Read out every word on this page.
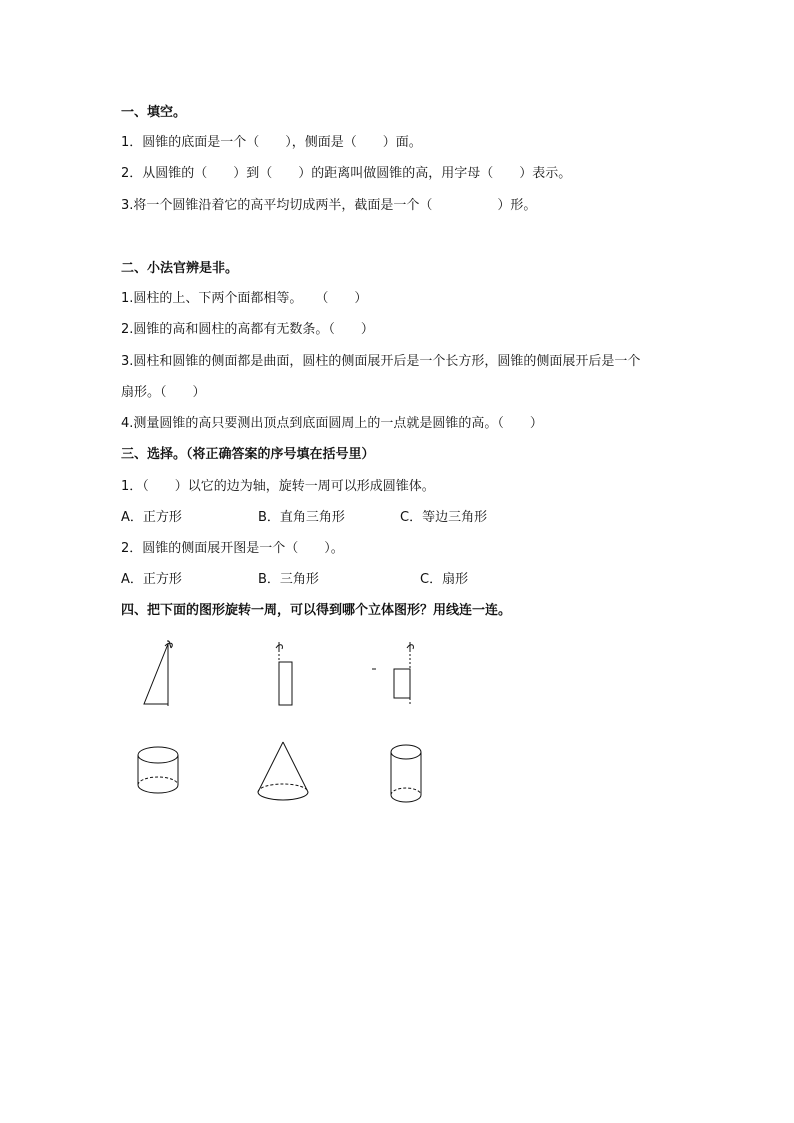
一、填空。
1．圆锥的底面是一个（　　），侧面是（　　）面。
2．从圆锥的（　　）到（　　）的距离叫做圆锥的高，用字母（　　）表示。
3.将一个圆锥沿着它的高平均切成两半，截面是一个（　　　　　）形。
二、小法官辨是非。
1.圆柱的上、下两个面都相等。　　（　　）
2.圆锥的高和圆柱的高都有无数条。（　　）
3.圆柱和圆锥的侧面都是曲面，圆柱的侧面展开后是一个长方形，圆锥的侧面展开后是一个
扇形。（　　）
4.测量圆锥的高只要测出顶点到底面圆周上的一点就是圆锥的高。（　　）
三、选择。（将正确答案的序号填在括号里）
1．（　　）以它的边为轴，旋转一周可以形成圆锥体。
A．正方形	B．直角三角形	C．等边三角形
2．圆锥的侧面展开图是一个（　　）。
A．正方形	B．三角形	C．扇形
四、把下面的图形旋转一周，可以得到哪个立体图形？用线连一连。
